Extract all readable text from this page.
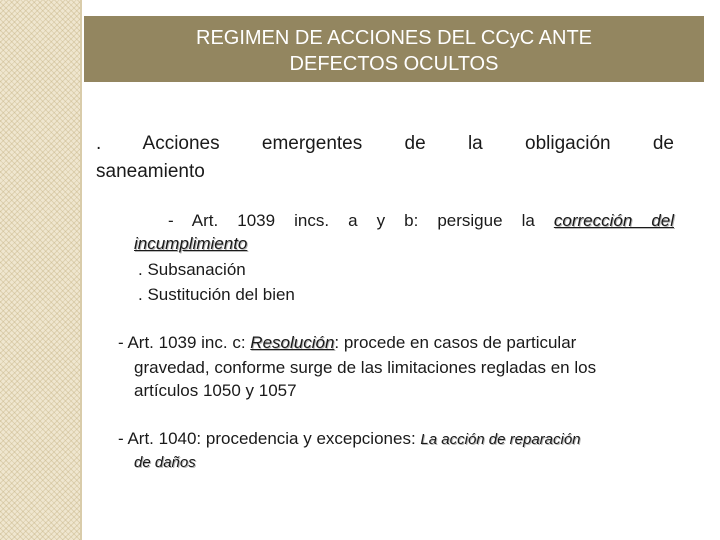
REGIMEN DE ACCIONES DEL CCyC ANTE DEFECTOS OCULTOS
. Acciones emergentes de la obligación de
saneamiento
- Art. 1039 incs. a y b: persigue la corrección del
incumplimiento
. Subsanación
. Sustitución del bien
- Art. 1039 inc. c: Resolución: procede en casos de particular
gravedad, conforme surge de las limitaciones regladas en los
artículos 1050 y 1057
- Art. 1040: procedencia y excepciones: La acción de reparación
de daños
